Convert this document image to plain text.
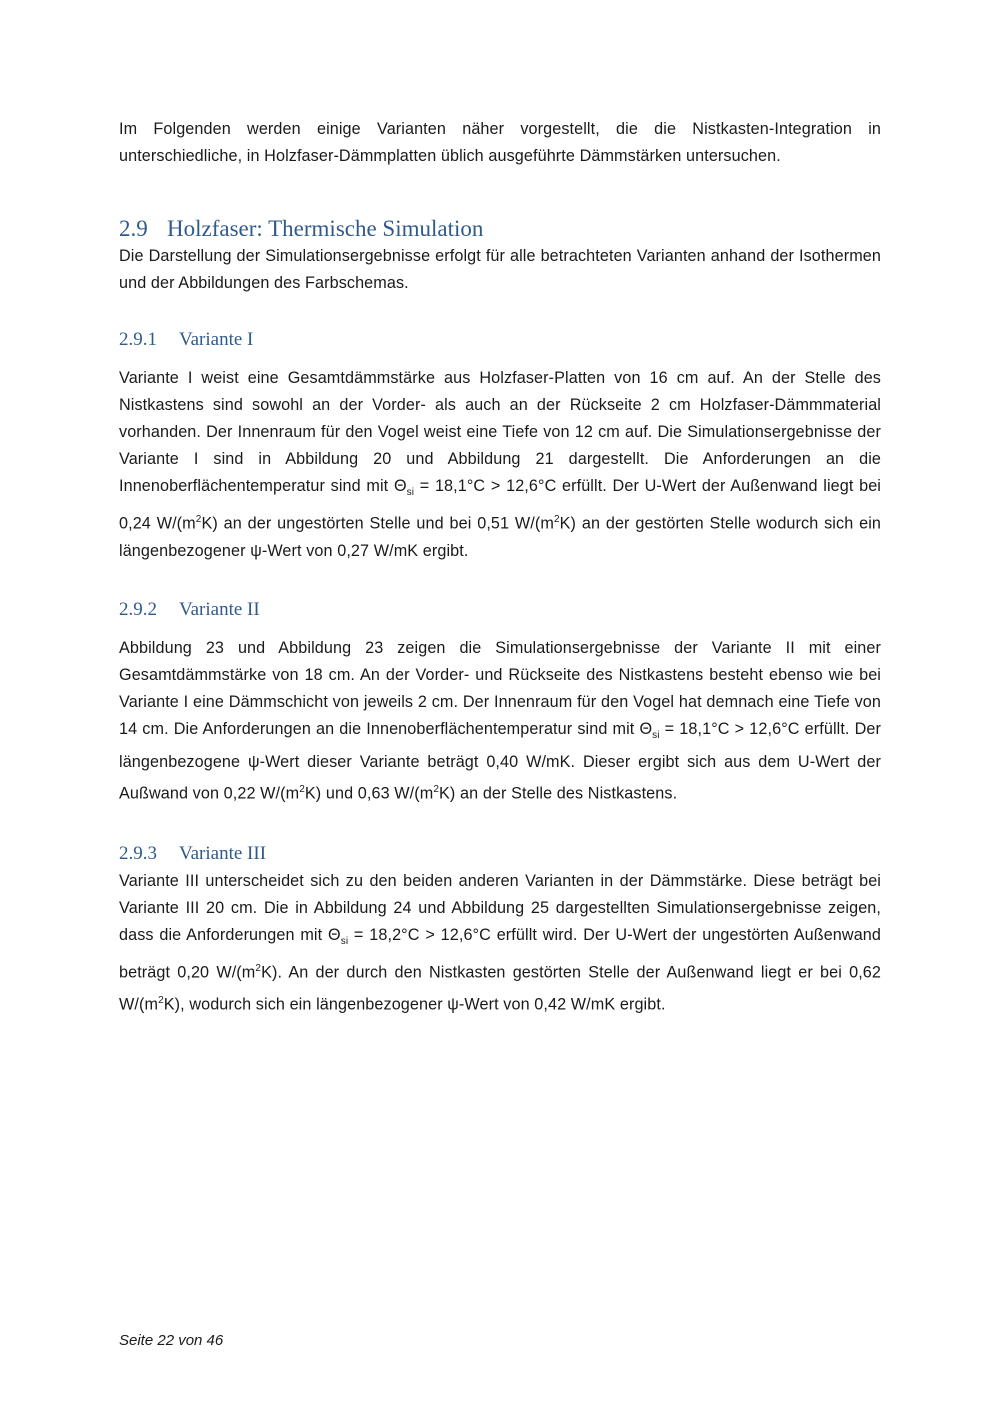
Im Folgenden werden einige Varianten näher vorgestellt, die die Nistkasten-Integration in unterschiedliche, in Holzfaser-Dämmplatten üblich ausgeführte Dämmstärken untersuchen.

2.9 Holzfaser: Thermische Simulation

Die Darstellung der Simulationsergebnisse erfolgt für alle betrachteten Varianten anhand der Isothermen und der Abbildungen des Farbschemas.

2.9.1 Variante I

Variante I weist eine Gesamtdämmstärke aus Holzfaser-Platten von 16 cm auf. An der Stelle des Nistkastens sind sowohl an der Vorder- als auch an der Rückseite 2 cm Holzfaser-Dämmmaterial vorhanden. Der Innenraum für den Vogel weist eine Tiefe von 12 cm auf. Die Simulationsergebnisse der Variante I sind in Abbildung 20 und Abbildung 21 dargestellt. Die Anforderungen an die Innenoberflächentemperatur sind mit $\Theta_{si} = 18,1^\circ C > 12,6^\circ C$ erfüllt. Der U-Wert der Außenwand liegt bei 0,24 $W/(m^2K)$ an der ungestörten Stelle und bei 0,51 $W/(m^2K)$ an der gestörten Stelle wodurch sich ein längenbezogener ψ-Wert von 0,27 W/mK ergibt.

2.9.2 Variante II

Abbildung 23 und Abbildung 23 zeigen die Simulationsergebnisse der Variante II mit einer Gesamtdämmstärke von 18 cm. An der Vorder- und Rückseite des Nistkastens besteht ebenso wie bei Variante I eine Dämmschicht von jeweils 2 cm. Der Innenraum für den Vogel hat demnach eine Tiefe von 14 cm. Die Anforderungen an die Innenoberflächentemperatur sind mit $\Theta_{si} = 18,1^\circ C > 12,6^\circ C$ erfüllt. Der längenbezogene ψ-Wert dieser Variante beträgt 0,40 W/mK. Dieser ergibt sich aus dem U-Wert der Außwand von 0,22 $W/(m^2K)$ und 0,63 $W/(m^2K)$ an der Stelle des Nistkastens.

2.9.3 Variante III

Variante III unterscheidet sich zu den beiden anderen Varianten in der Dämmstärke. Diese beträgt bei Variante III 20 cm. Die in Abbildung 24 und Abbildung 25 dargestellten Simulationsergebnisse zeigen, dass die Anforderungen mit $\Theta_{si} = 18,2^\circ C > 12,6^\circ C$ erfüllt wird. Der U-Wert der ungestörten Außenwand beträgt 0,20 $W/(m^2K)$. An der durch den Nistkasten gestörten Stelle der Außenwand liegt er bei 0,62 $W/(m^2K)$, wodurch sich ein längenbezogener ψ-Wert von 0,42 W/mK ergibt.

Seite 22 von 46
